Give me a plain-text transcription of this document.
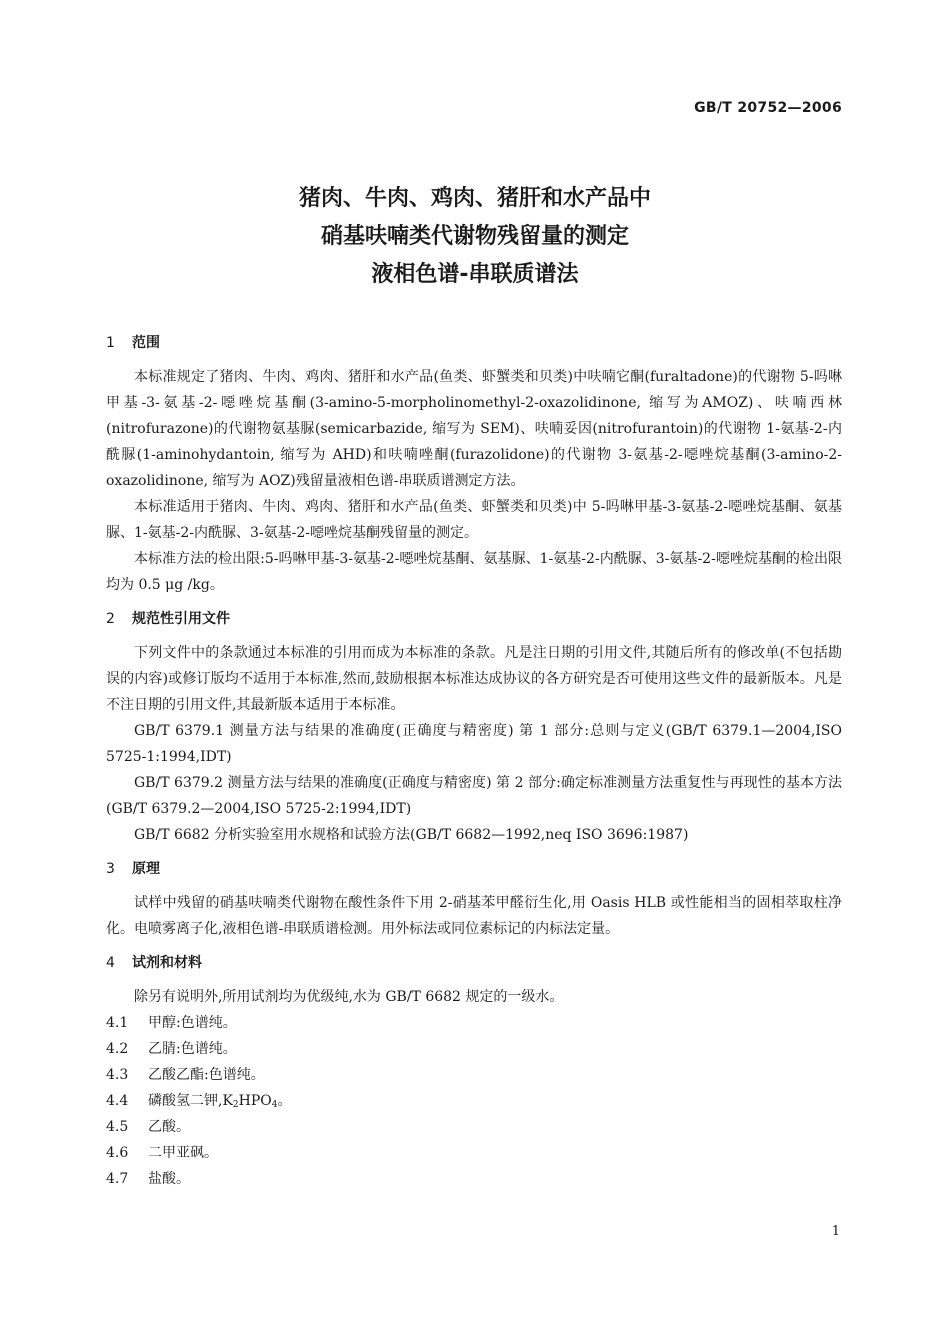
GB/T 20752—2006
猪肉、牛肉、鸡肉、猪肝和水产品中
硝基呋喃类代谢物残留量的测定
液相色谱-串联质谱法
1 范围

本标准规定了猪肉、牛肉、鸡肉、猪肝和水产品(鱼类、虾蟹类和贝类)中呋喃它酮(furaltadone)的代谢物 5-吗啉甲基-3-氨基-2-噁唑烷基酮(3-amino-5-morpholinomethyl-2-oxazolidinone, 缩写为AMOZ)、呋喃西林(nitrofurazone)的代谢物氨基脲(semicarbazide, 缩写为 SEM)、呋喃妥因(nitrofurantoin)的代谢物 1-氨基-2-内酰脲(1-aminohydantoin, 缩写为 AHD)和呋喃唑酮(furazolidone)的代谢物 3-氨基-2-噁唑烷基酮(3-amino-2-oxazolidinone, 缩写为 AOZ)残留量液相色谱-串联质谱测定方法。

本标准适用于猪肉、牛肉、鸡肉、猪肝和水产品(鱼类、虾蟹类和贝类)中 5-吗啉甲基-3-氨基-2-噁唑烷基酮、氨基脲、1-氨基-2-内酰脲、3-氨基-2-噁唑烷基酮残留量的测定。

本标准方法的检出限:5-吗啉甲基-3-氨基-2-噁唑烷基酮、氨基脲、1-氨基-2-内酰脲、3-氨基-2-噁唑烷基酮的检出限均为 0.5 μg /kg。

2 规范性引用文件

下列文件中的条款通过本标准的引用而成为本标准的条款。凡是注日期的引用文件,其随后所有的修改单(不包括勘误的内容)或修订版均不适用于本标准,然而,鼓励根据本标准达成协议的各方研究是否可使用这些文件的最新版本。凡是不注日期的引用文件,其最新版本适用于本标准。

GB/T 6379.1 测量方法与结果的准确度(正确度与精密度) 第 1 部分:总则与定义(GB/T 6379.1—2004,ISO 5725-1:1994,IDT)

GB/T 6379.2 测量方法与结果的准确度(正确度与精密度) 第 2 部分:确定标准测量方法重复性与再现性的基本方法(GB/T 6379.2—2004,ISO 5725-2:1994,IDT)

GB/T 6682 分析实验室用水规格和试验方法(GB/T 6682—1992,neq ISO 3696:1987)

3 原理

试样中残留的硝基呋喃类代谢物在酸性条件下用 2-硝基苯甲醛衍生化,用 Oasis HLB 或性能相当的固相萃取柱净化。电喷雾离子化,液相色谱-串联质谱检测。用外标法或同位素标记的内标法定量。

4 试剂和材料

除另有说明外,所用试剂均为优级纯,水为 GB/T 6682 规定的一级水。

4.1 甲醇:色谱纯。
4.2 乙腈:色谱纯。
4.3 乙酸乙酯:色谱纯。
4.4 磷酸氢二钾$,K_2HPO_4$。
4.5 乙酸。
4.6 二甲亚砜。
4.7 盐酸。
1
